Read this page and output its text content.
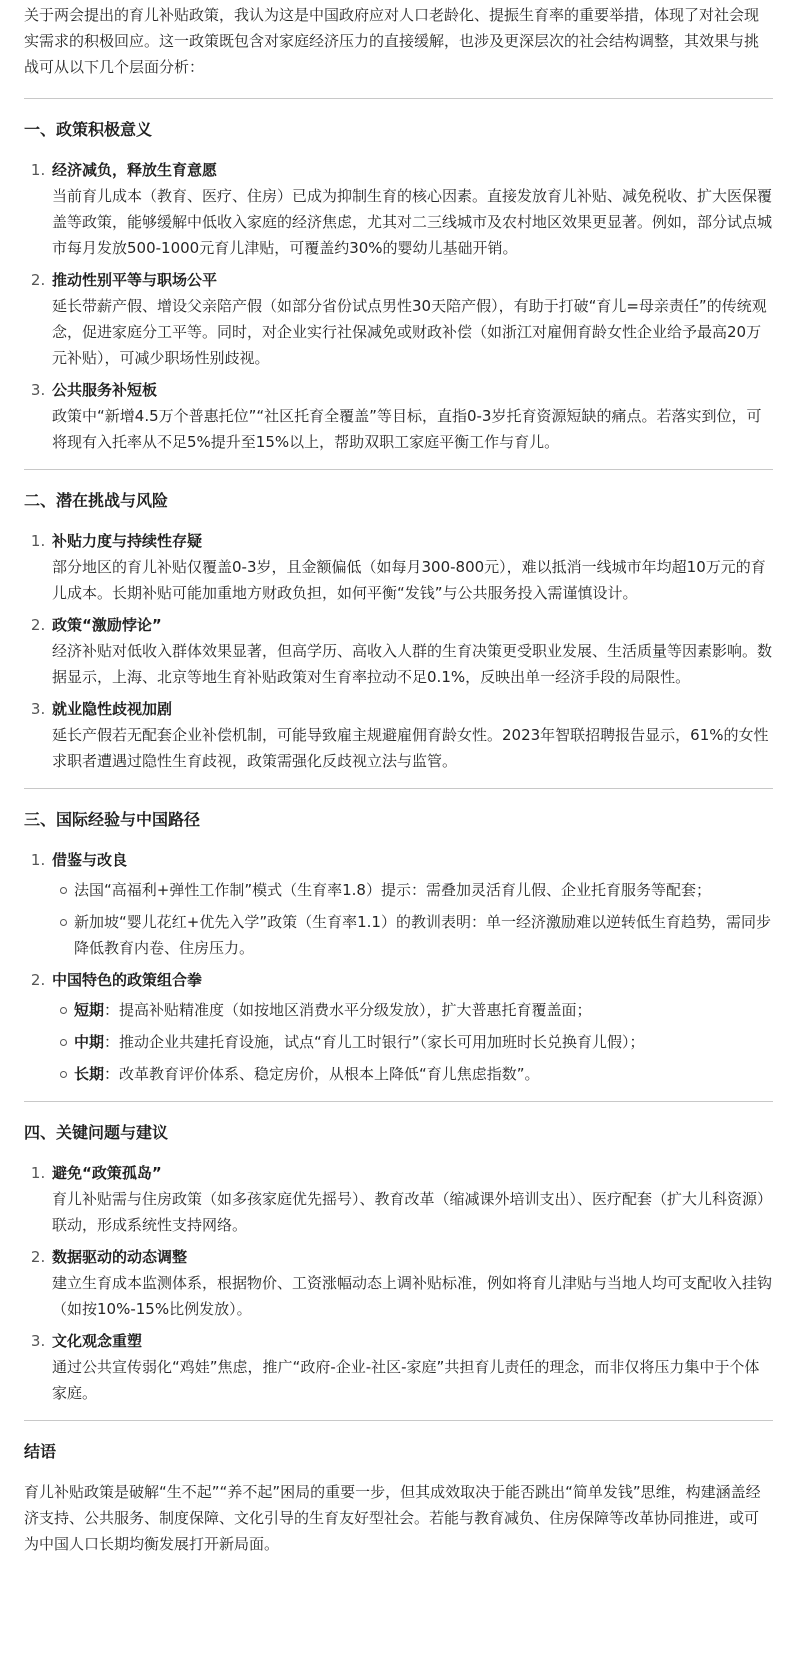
关于两会提出的育儿补贴政策，我认为这是中国政府应对人口老龄化、提振生育率的重要举措，体现了对社会现实需求的积极回应。这一政策既包含对家庭经济压力的直接缓解，也涉及更深层次的社会结构调整，其效果与挑战可从以下几个层面分析：

一、政策积极意义
1. 经济减负，释放生育意愿

当前育儿成本（教育、医疗、住房）已成为抑制生育的核心因素。直接发放育儿补贴、减免税收、扩大医保覆盖等政策，能够缓解中低收入家庭的经济焦虑，尤其对二三线城市及农村地区效果更显著。例如，部分试点城市每月发放500-1000元育儿津贴，可覆盖约30%的婴幼儿基础开销。

2. 推动性别平等与职场公平

延长带薪产假、增设父亲陪产假（如部分省份试点男性30天陪产假），有助于打破“育儿=母亲责任”的传统观念，促进家庭分工平等。同时，对企业实行社保减免或财政补偿（如浙江对雇佣育龄女性企业给予最高20万元补贴），可减少职场性别歧视。

3. 公共服务补短板

政策中“新增4.5万个普惠托位”“社区托育全覆盖”等目标，直指0-3岁托育资源短缺的痛点。若落实到位，可将现有入托率从不足5%提升至15%以上，帮助双职工家庭平衡工作与育儿。

二、潜在挑战与风险
1. 补贴力度与持续性存疑

部分地区的育儿补贴仅覆盖0-3岁，且金额偏低（如每月300-800元），难以抵消一线城市年均超10万元的育儿成本。长期补贴可能加重地方财政负担，如何平衡“发钱”与公共服务投入需谨慎设计。

2. 政策“激励悖论”

经济补贴对低收入群体效果显著，但高学历、高收入人群的生育决策更受职业发展、生活质量等因素影响。数据显示，上海、北京等地生育补贴政策对生育率拉动不足0.1%，反映出单一经济手段的局限性。

3. 就业隐性歧视加剧

延长产假若无配套企业补偿机制，可能导致雇主规避雇佣育龄女性。2023年智联招聘报告显示，61%的女性求职者遭遇过隐性生育歧视，政策需强化反歧视立法与监管。

三、国际经验与中国路径
1. 借鉴与改良
法国“高福利+弹性工作制”模式（生育率1.8）提示：需叠加灵活育儿假、企业托育服务等配套；
新加坡“婴儿花红+优先入学”政策（生育率1.1）的教训表明：单一经济激励难以逆转低生育趋势，需同步降低教育内卷、住房压力。
2. 中国特色的政策组合拳
短期：提高补贴精准度（如按地区消费水平分级发放），扩大普惠托育覆盖面；
中期：推动企业共建托育设施，试点“育儿工时银行”（家长可用加班时长兑换育儿假）；
长期：改革教育评价体系、稳定房价，从根本上降低“育儿焦虑指数”。
四、关键问题与建议
1. 避免“政策孤岛”

育儿补贴需与住房政策（如多孩家庭优先摇号）、教育改革（缩减课外培训支出）、医疗配套（扩大儿科资源）联动，形成系统性支持网络。

2. 数据驱动的动态调整

建立生育成本监测体系，根据物价、工资涨幅动态上调补贴标准，例如将育儿津贴与当地人均可支配收入挂钩（如按10%-15%比例发放）。

3. 文化观念重塑

通过公共宣传弱化“鸡娃”焦虑，推广“政府-企业-社区-家庭”共担育儿责任的理念，而非仅将压力集中于个体家庭。

结语

育儿补贴政策是破解“生不起”“养不起”困局的重要一步，但其成效取决于能否跳出“简单发钱”思维，构建涵盖经济支持、公共服务、制度保障、文化引导的生育友好型社会。若能与教育减负、住房保障等改革协同推进，或可为中国人口长期均衡发展打开新局面。
